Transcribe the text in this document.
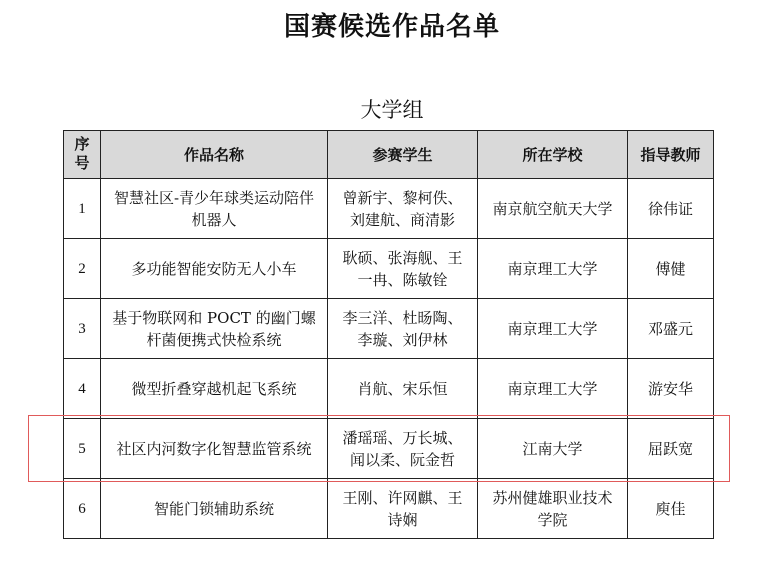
国赛候选作品名单
大学组
序号	作品名称	参赛学生	所在学校	指导教师
1	智慧社区-青少年球类运动陪伴机器人	曾新宇、黎柯佚、刘建航、商清影	南京航空航天大学	徐伟证
2	多功能智能安防无人小车	耿硕、张海舰、王一冉、陈敏铨	南京理工大学	傅健
3	基于物联网和 POCT 的幽门螺杆菌便携式快检系统	李三洋、杜旸陶、李璇、刘伊林	南京理工大学	邓盛元
4	微型折叠穿越机起飞系统	肖航、宋乐恒	南京理工大学	游安华
5	社区内河数字化智慧监管系统	潘瑶瑶、万长城、闻以柔、阮金哲	江南大学	屈跃宽
6	智能门锁辅助系统	王刚、许网麒、王诗娴	苏州健雄职业技术学院	庾佳
